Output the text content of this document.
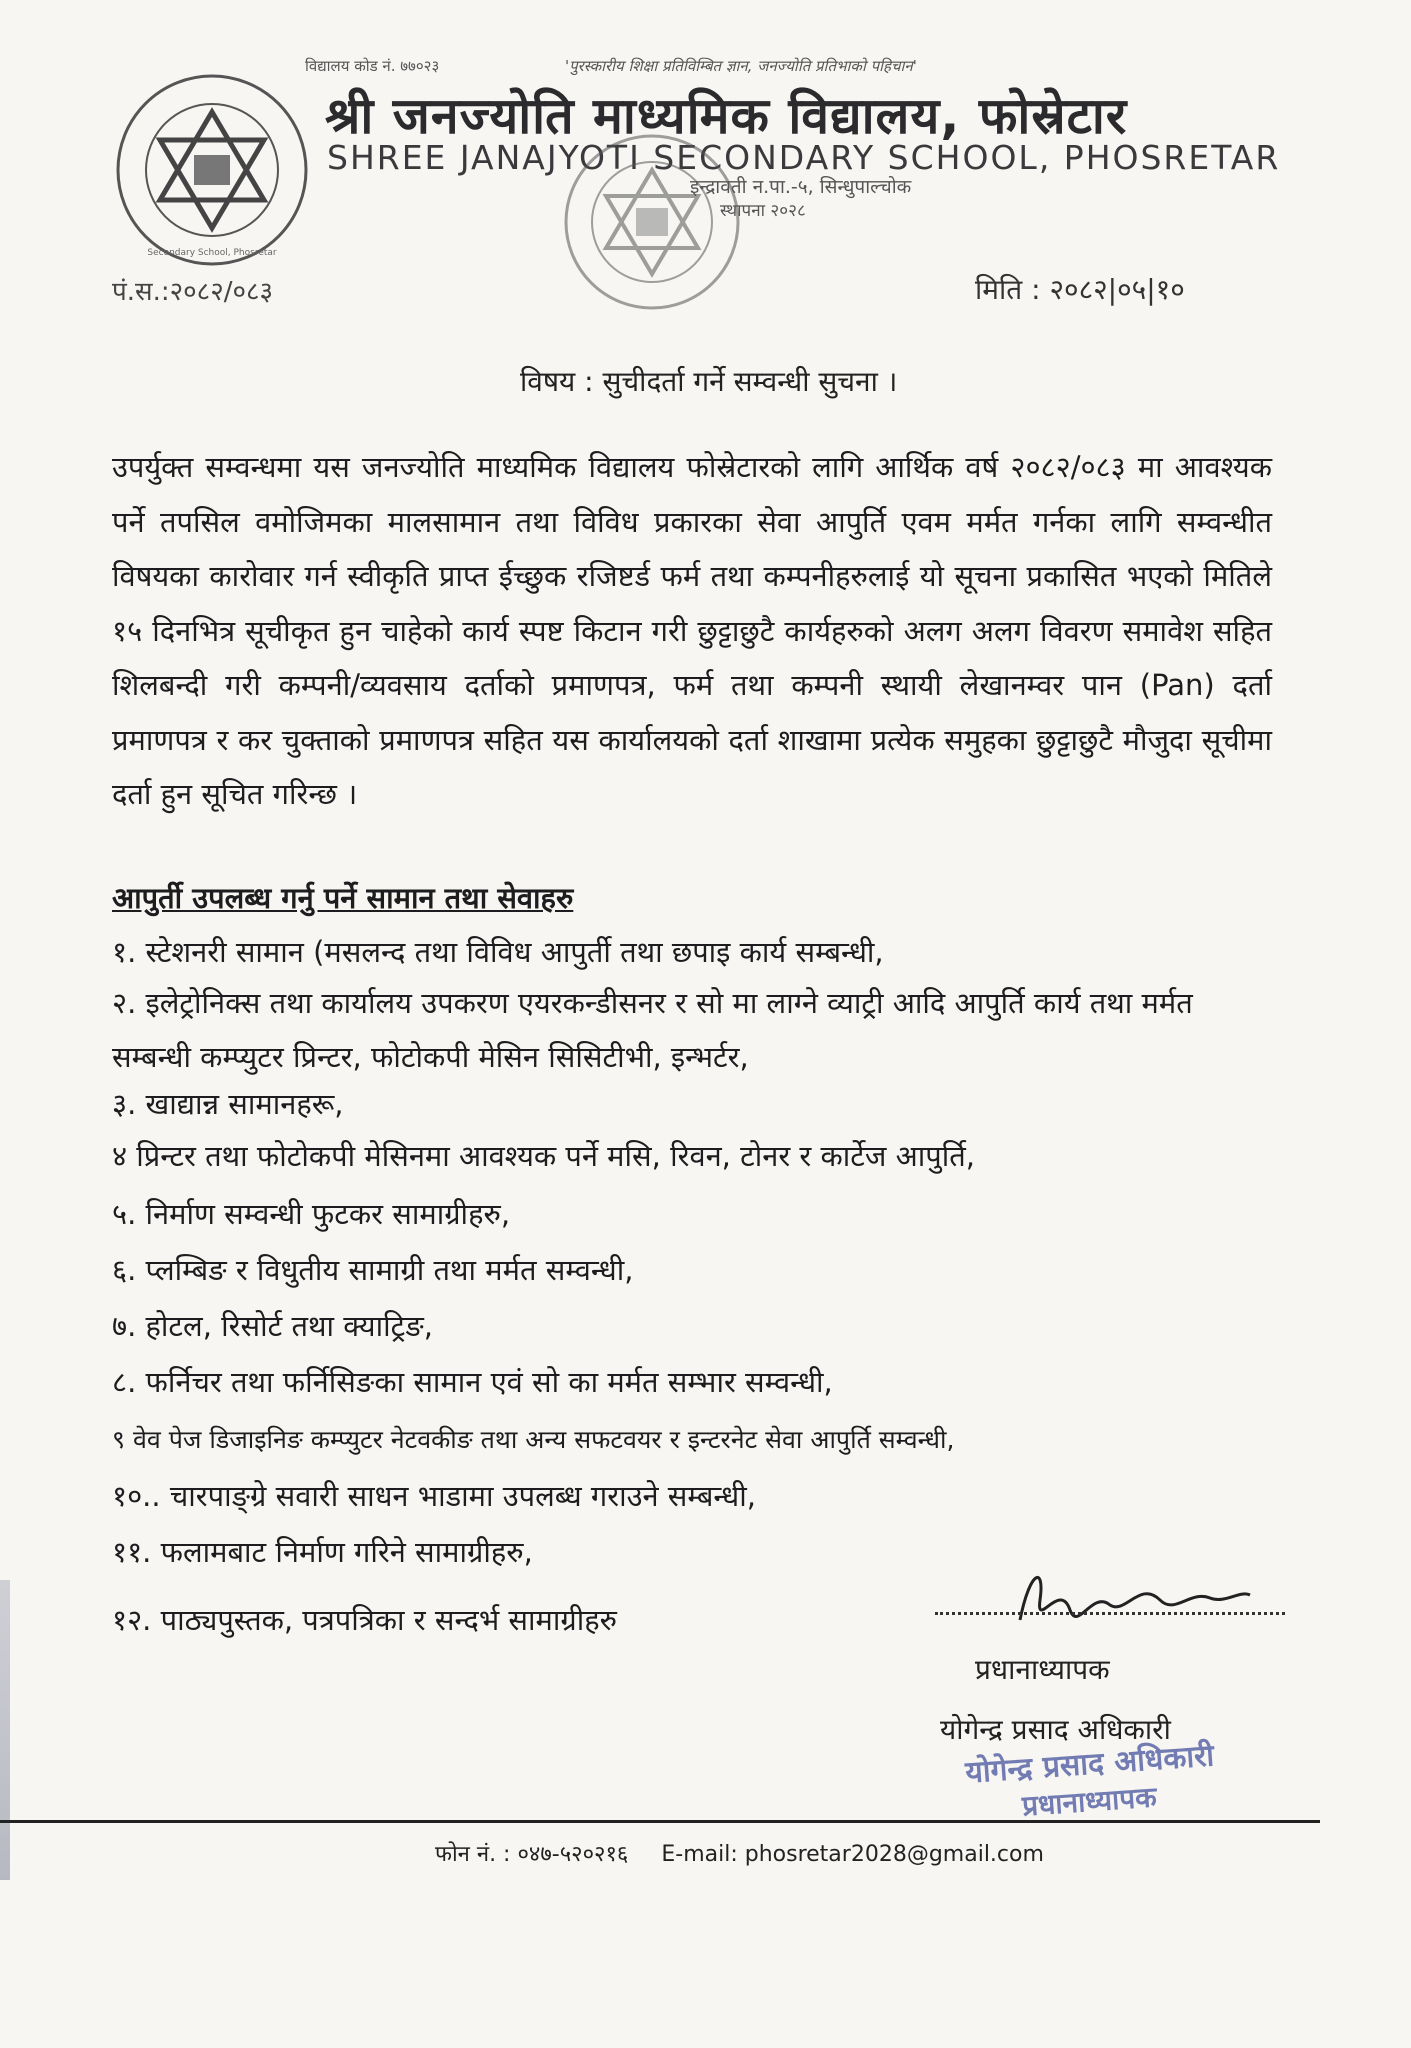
विद्यालय कोड नं. ७७०२३	'पुरस्कारीय शिक्षा प्रतिविम्बित ज्ञान, जनज्योति प्रतिभाको पहिचान'
Secondary School, Phosretar
श्री जनज्योति माध्यमिक विद्यालय, फोस्रेटार
SHREE JANAJYOTI SECONDARY SCHOOL, PHOSRETAR
इन्द्रावती न.पा.-५, सिन्धुपाल्चोक
स्थापना २०२८
पं.स.:२०८२/०८३	मिति : २०८२|०५|१०
विषय : सुचीदर्ता गर्ने सम्वन्धी सुचना ।
उपर्युक्त सम्वन्धमा यस जनज्योति माध्यमिक विद्यालय फोस्रेटारको लागि आर्थिक वर्ष २०८२/०८३ मा आवश्यक पर्ने तपसिल वमोजिमका मालसामान तथा विविध प्रकारका सेवा आपुर्ति एवम मर्मत गर्नका लागि सम्वन्धीत विषयका कारोवार गर्न स्वीकृति प्राप्त ईच्छुक रजिष्टर्ड फर्म तथा कम्पनीहरुलाई यो सूचना प्रकासित भएको मितिले १५ दिनभित्र सूचीकृत हुन चाहेको कार्य स्पष्ट किटान गरी छुट्टाछुटै कार्यहरुको अलग अलग विवरण समावेश सहित शिलबन्दी गरी कम्पनी/व्यवसाय दर्ताको प्रमाणपत्र, फर्म तथा कम्पनी स्थायी लेखानम्वर पान (Pan) दर्ता प्रमाणपत्र र कर चुक्ताको प्रमाणपत्र सहित यस कार्यालयको दर्ता शाखामा प्रत्येक समुहका छुट्टाछुटै मौजुदा सूचीमा दर्ता हुन सूचित गरिन्छ ।
आपुर्ती उपलब्ध गर्नु पर्ने सामान तथा सेवाहरु
१. स्टेशनरी सामान (मसलन्द तथा विविध आपुर्ती तथा छपाइ कार्य सम्बन्धी,
२. इलेट्रोनिक्स तथा कार्यालय उपकरण एयरकन्डीसनर र सो मा लाग्ने व्याट्री आदि आपुर्ति कार्य तथा मर्मत सम्बन्धी कम्प्युटर प्रिन्टर, फोटोकपी मेसिन सिसिटीभी, इन्भर्टर,
३. खाद्यान्न सामानहरू,
४ प्रिन्टर तथा फोटोकपी मेसिनमा आवश्यक पर्ने मसि, रिवन, टोनर र कार्टेज आपुर्ति,
५. निर्माण सम्वन्धी फुटकर सामाग्रीहरु,
६. प्लम्बिङ र विधुतीय सामाग्री तथा मर्मत सम्वन्धी,
७. होटल, रिसोर्ट तथा क्याट्रिङ,
८. फर्निचर तथा फर्निसिङका सामान एवं सो का मर्मत सम्भार सम्वन्धी,
९ वेव पेज डिजाइनिङ कम्प्युटर नेटवकीङ तथा अन्य सफटवयर र इन्टरनेट सेवा आपुर्ति सम्वन्धी,
१०.. चारपाङ्ग्रे सवारी साधन भाडामा उपलब्ध गराउने सम्बन्धी,
११. फलामबाट निर्माण गरिने सामाग्रीहरु,
१२. पाठ्यपुस्तक, पत्रपत्रिका र सन्दर्भ सामाग्रीहरु
प्रधानाध्यापक
योगेन्द्र प्रसाद अधिकारी
योगेन्द्र प्रसाद अधिकारी
प्रधानाध्यापक
फोन नं. : ०४७-५२०२१६ E-mail: phosretar2028@gmail.com
